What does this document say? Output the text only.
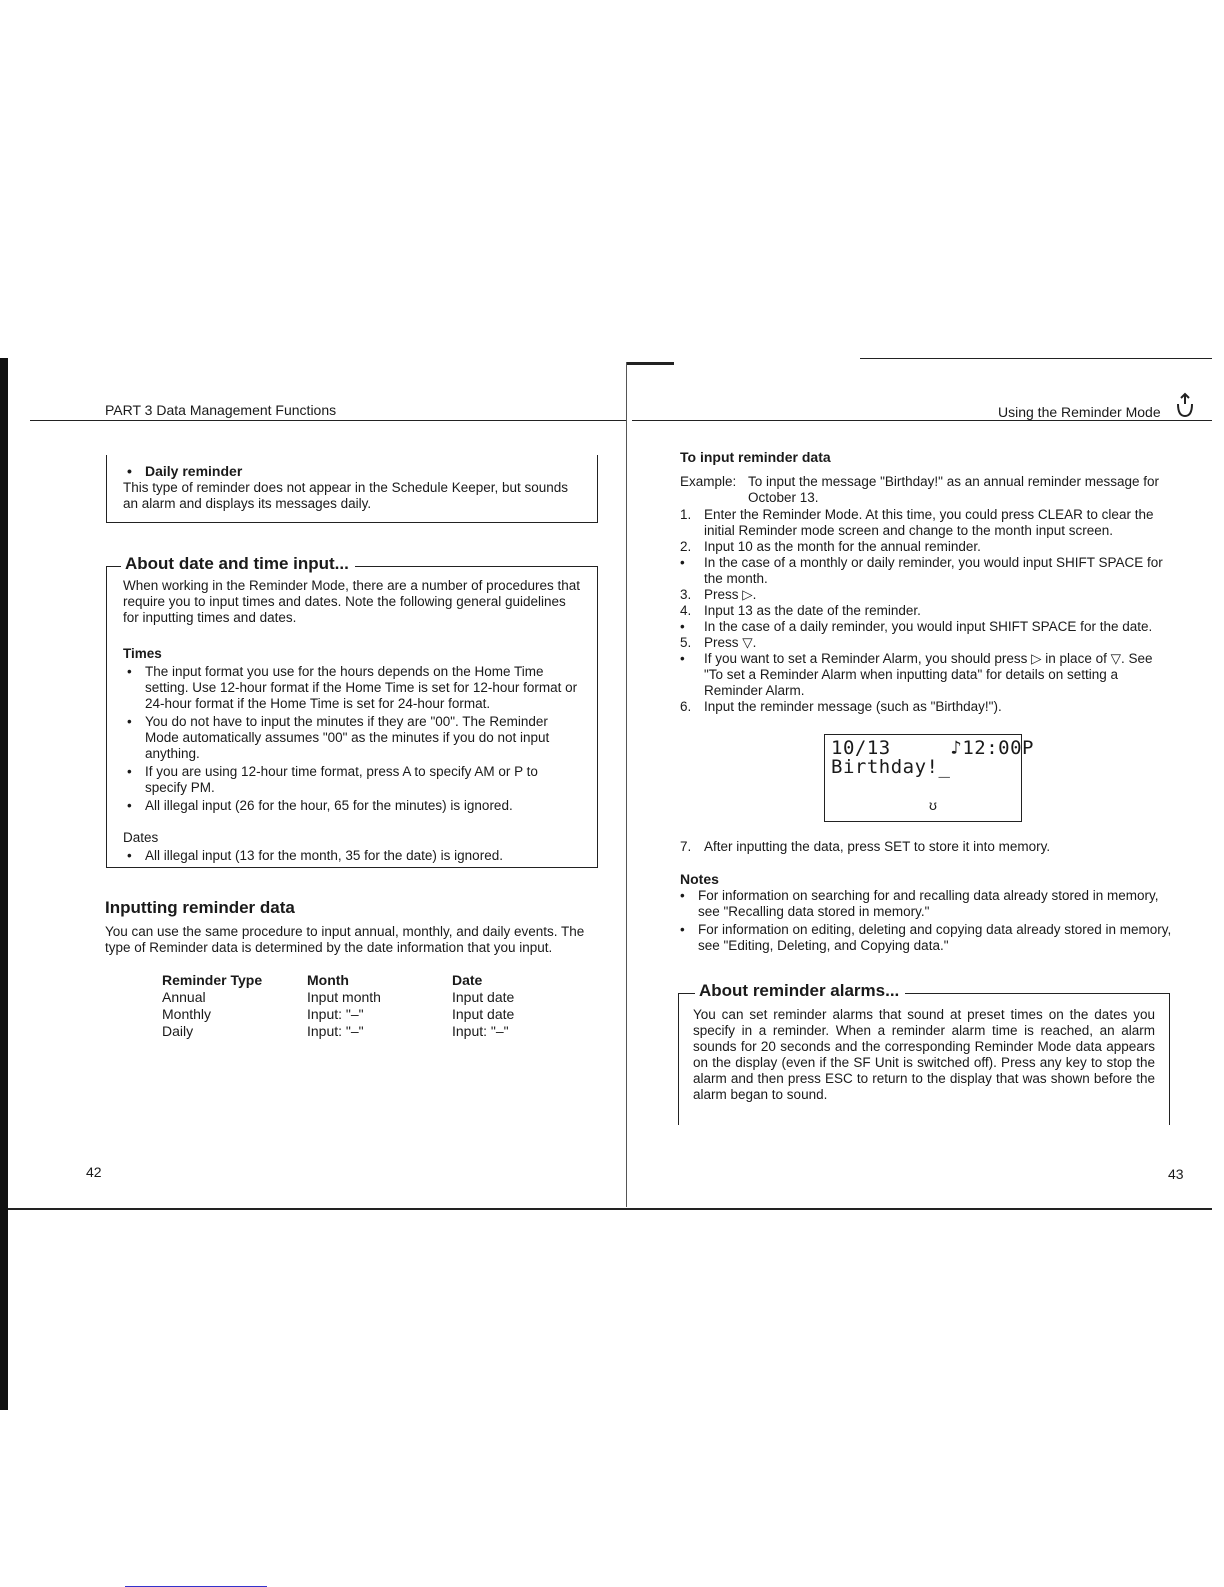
PART 3 Data Management Functions
• Daily reminder
This type of reminder does not appear in the Schedule Keeper, but sounds an alarm and displays its messages daily.
About date and time input...
When working in the Reminder Mode, there are a number of procedures that require you to input times and dates. Note the following general guidelines for inputting times and dates.
Times
• The input format you use for the hours depends on the Home Time setting. Use 12-hour format if the Home Time is set for 12-hour format or 24-hour format if the Home Time is set for 24-hour format.
• You do not have to input the minutes if they are "00". The Reminder Mode automatically assumes "00" as the minutes if you do not input anything.
• If you are using 12-hour time format, press A to specify AM or P to specify PM.
• All illegal input (26 for the hour, 65 for the minutes) is ignored.
Dates
• All illegal input (13 for the month, 35 for the date) is ignored.
Inputting reminder data
You can use the same procedure to input annual, monthly, and daily events. The type of Reminder data is determined by the date information that you input.
Reminder Type	Month	Date
Annual	Input month	Input date
Monthly	Input: "–"	Input date
Daily	Input: "–"	Input: "–"
42
Using the Reminder Mode
To input reminder data
Example: To input the message "Birthday!" as an annual reminder message for October 13.
1. Enter the Reminder Mode. At this time, you could press CLEAR to clear the initial Reminder mode screen and change to the month input screen.
2. Input 10 as the month for the annual reminder.
• In the case of a monthly or daily reminder, you would input SHIFT SPACE for the month.
3. Press ▷.
4. Input 13 as the date of the reminder.
• In the case of a daily reminder, you would input SHIFT SPACE for the date.
5. Press ▽.
• If you want to set a Reminder Alarm, you should press ▷ in place of ▽. See "To set a Reminder Alarm when inputting data" for details on setting a Reminder Alarm.
6. Input the reminder message (such as "Birthday!").
10/13     ♪12:00P
Birthday!_
ʊ
7. After inputting the data, press SET to store it into memory.
Notes
• For information on searching for and recalling data already stored in memory, see "Recalling data stored in memory."
• For information on editing, deleting and copying data already stored in memory, see "Editing, Deleting, and Copying data."
About reminder alarms...
You can set reminder alarms that sound at preset times on the dates you specify in a reminder. When a reminder alarm time is reached, an alarm sounds for 20 seconds and the corresponding Reminder Mode data appears on the display (even if the SF Unit is switched off). Press any key to stop the alarm and then press ESC to return to the display that was shown before the alarm began to sound.
43
